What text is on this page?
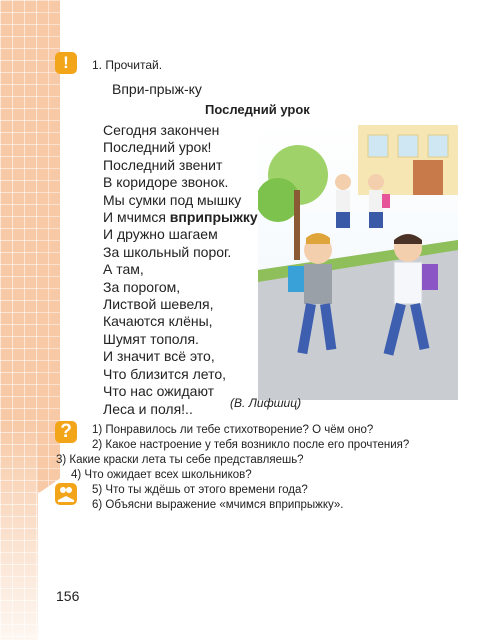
!	1. Прочитай.
Впри-прыж-ку
Последний урок
Сегодня закончен
Последний урок!
Последний звенит
В коридоре звонок.
Мы сумки под мышку
И мчимся вприпрыжку
И дружно шагаем
За школьный порог.
А там,
За порогом,
Листвой шевеля,
Качаются клёны,
Шумят тополя.
И значит всё это,
Что близится лето,
Что нас ожидают
Леса и поля!..	(В. Лифшиц)
?	1) Понравилось ли тебе стихотворение? О чём оно?
2) Какое настроение у тебя возникло после его прочтения?
3) Какие краски лета ты себе представляешь?
4) Что ожидает всех школьников?
5) Что ты ждёшь от этого времени года?
6) Объясни выражение «мчимся вприпрыжку».
156
